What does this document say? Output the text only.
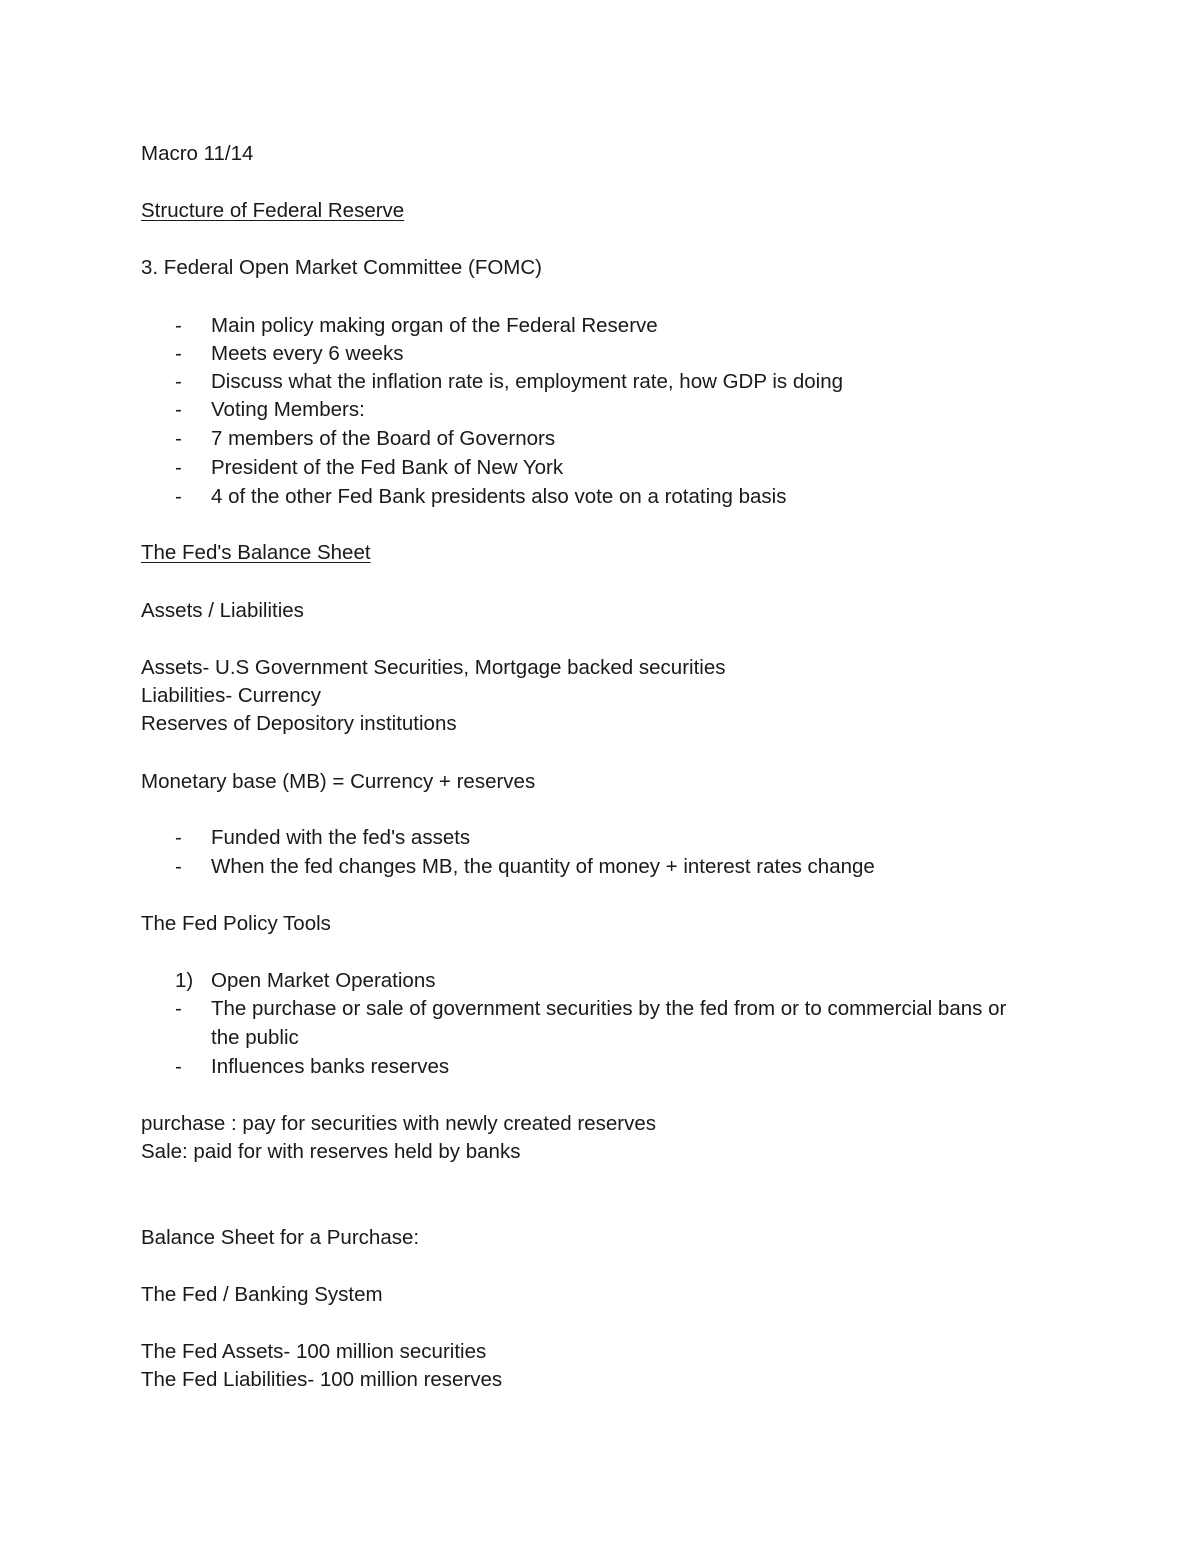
Macro 11/14
Structure of Federal Reserve
3. Federal Open Market Committee (FOMC)
- Main policy making organ of the Federal Reserve
- Meets every 6 weeks
- Discuss what the inflation rate is, employment rate, how GDP is doing
- Voting Members:
- 7 members of the Board of Governors
- President of the Fed Bank of New York
- 4 of the other Fed Bank presidents also vote on a rotating basis
The Fed's Balance Sheet
Assets / Liabilities
Assets- U.S Government Securities, Mortgage backed securities
Liabilities- Currency
Reserves of Depository institutions
Monetary base (MB) = Currency + reserves
- Funded with the fed's assets
- When the fed changes MB, the quantity of money + interest rates change
The Fed Policy Tools
1) Open Market Operations
- The purchase or sale of government securities by the fed from or to commercial bans or
the public
- Influences banks reserves
purchase : pay for securities with newly created reserves
Sale: paid for with reserves held by banks
Balance Sheet for a Purchase:
The Fed / Banking System
The Fed Assets- 100 million securities
The Fed Liabilities- 100 million reserves
